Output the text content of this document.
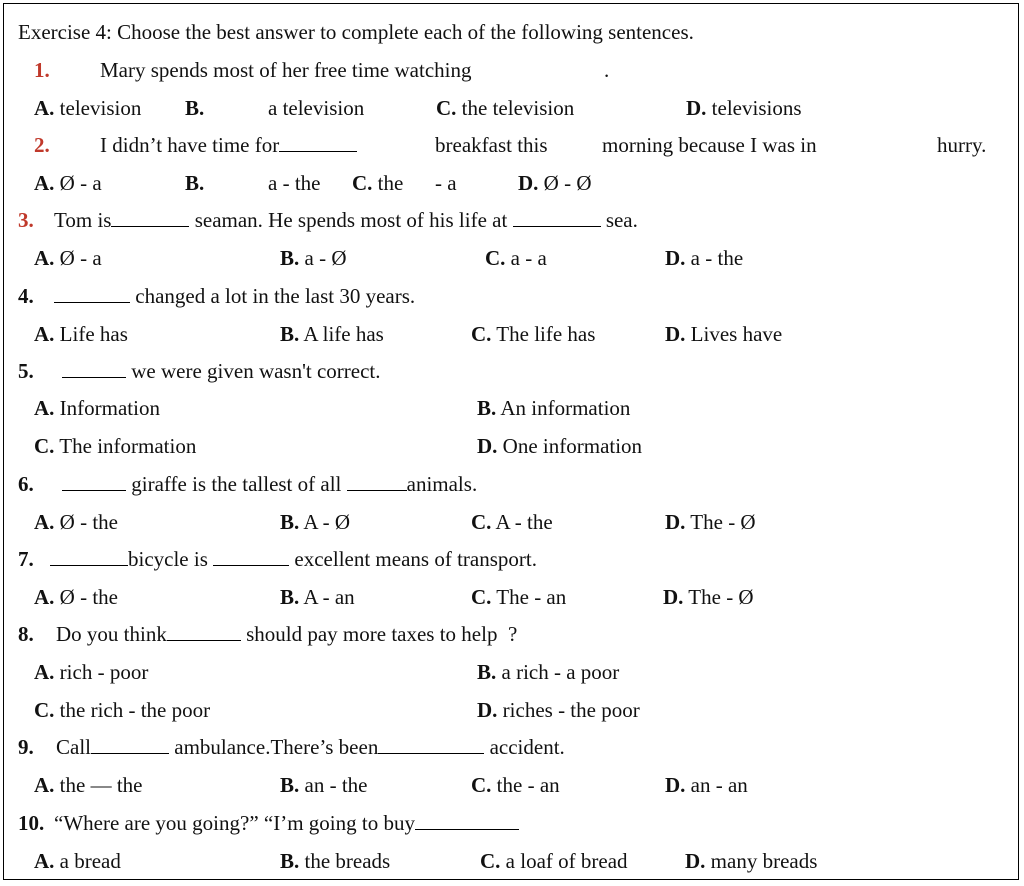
Exercise 4: Choose the best answer to complete each of the following sentences.
1. Mary spends most of her free time watching	.
A. television B.	a television	C. the television	D. televisions
2. I didn’t have time for	breakfast this	morning because I was in	hurry.
A. Ø - a	B.	a - the C. the - a	D. Ø - Ø
3. Tom is	seaman. He spends most of his life at	sea.
A. Ø - a	B. a - Ø	C. a - a	D. a - the
4.	changed a lot in the last 30 years.
A. Life has	B. A life has	C. The life has	D. Lives have
5.	we were given wasn't correct.
A. Information	B. An information
C. The information	D. One information
6.	giraffe is the tallest of all	animals.
A. Ø - the	B. A - Ø	C. A - the	D. The - Ø
7.	bicycle is	excellent means of transport.
A. Ø - the	B. A - an	C. The - an	D. The - Ø
8. Do you think	should pay more taxes to help ?
A. rich - poor	B. a rich - a poor
C. the rich - the poor	D. riches - the poor
9. Call	ambulance.There’s been	accident.
A. the — the	B. an - the	C. the - an	D. an - an
10. “Where are you going?” “I’m going to buy
A. a bread	B. the breads	C. a loaf of bread	D. many breads
